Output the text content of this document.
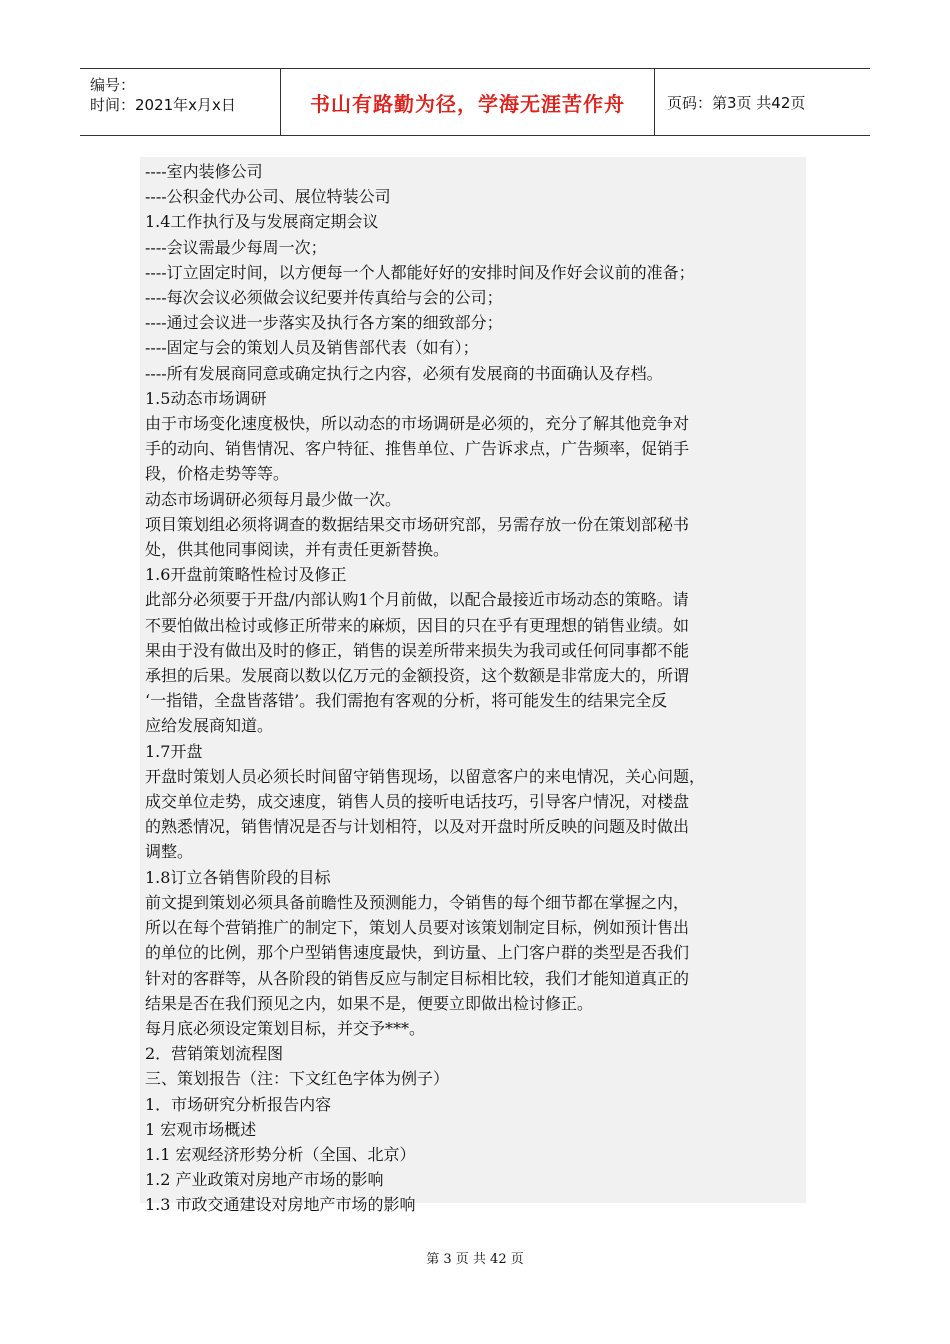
编号：
时间：2021年x月x日	书山有路勤为径，学海无涯苦作舟	页码：第3页 共42页
----室内装修公司
----公积金代办公司、展位特装公司
1.4工作执行及与发展商定期会议
----会议需最少每周一次；
----订立固定时间，以方便每一个人都能好好的安排时间及作好会议前的准备；
----每次会议必须做会议纪要并传真给与会的公司；
----通过会议进一步落实及执行各方案的细致部分；
----固定与会的策划人员及销售部代表（如有）；
----所有发展商同意或确定执行之内容，必须有发展商的书面确认及存档。
1.5动态市场调研
由于市场变化速度极快，所以动态的市场调研是必须的，充分了解其他竞争对
手的动向、销售情况、客户特征、推售单位、广告诉求点，广告频率，促销手
段，价格走势等等。
动态市场调研必须每月最少做一次。
项目策划组必须将调查的数据结果交市场研究部，另需存放一份在策划部秘书
处，供其他同事阅读，并有责任更新替换。
1.6开盘前策略性检讨及修正
此部分必须要于开盘/内部认购1个月前做，以配合最接近市场动态的策略。请
不要怕做出检讨或修正所带来的麻烦，因目的只在乎有更理想的销售业绩。如
果由于没有做出及时的修正，销售的误差所带来损失为我司或任何同事都不能
承担的后果。发展商以数以亿万元的金额投资，这个数额是非常庞大的，所谓
‘一指错，全盘皆落错’。我们需抱有客观的分析，将可能发生的结果完全反
应给发展商知道。
1.7开盘
开盘时策划人员必须长时间留守销售现场，以留意客户的来电情况，关心问题，
成交单位走势，成交速度，销售人员的接听电话技巧，引导客户情况，对楼盘
的熟悉情况，销售情况是否与计划相符，以及对开盘时所反映的问题及时做出
调整。
1.8订立各销售阶段的目标
前文提到策划必须具备前瞻性及预测能力，令销售的每个细节都在掌握之内，
所以在每个营销推广的制定下，策划人员要对该策划制定目标，例如预计售出
的单位的比例，那个户型销售速度最快，到访量、上门客户群的类型是否我们
针对的客群等，从各阶段的销售反应与制定目标相比较，我们才能知道真正的
结果是否在我们预见之内，如果不是，便要立即做出检讨修正。
每月底必须设定策划目标，并交予***。
2．营销策划流程图
三、策划报告（注：下文红色字体为例子）
1．市场研究分析报告内容
1 宏观市场概述
1.1 宏观经济形势分析（全国、北京）
1.2 产业政策对房地产市场的影响
1.3 市政交通建设对房地产市场的影响
第 3 页 共 42 页
